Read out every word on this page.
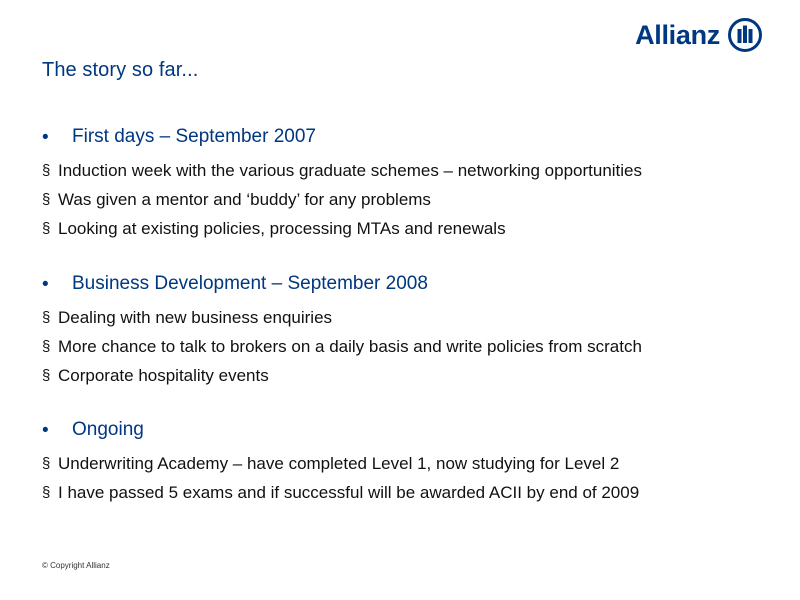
Allianz
The story so far...
• First days – September 2007
§ Induction week with the various graduate schemes – networking opportunities
§ Was given a mentor and ‘buddy’ for any problems
§ Looking at existing policies, processing MTAs and renewals
• Business Development – September 2008
§ Dealing with new business enquiries
§ More chance to talk to brokers on a daily basis and write policies from scratch
§ Corporate hospitality events
• Ongoing
§ Underwriting Academy – have completed Level 1, now studying for Level 2
§ I have passed 5 exams and if successful will be awarded ACII by end of 2009
© Copyright Allianz
